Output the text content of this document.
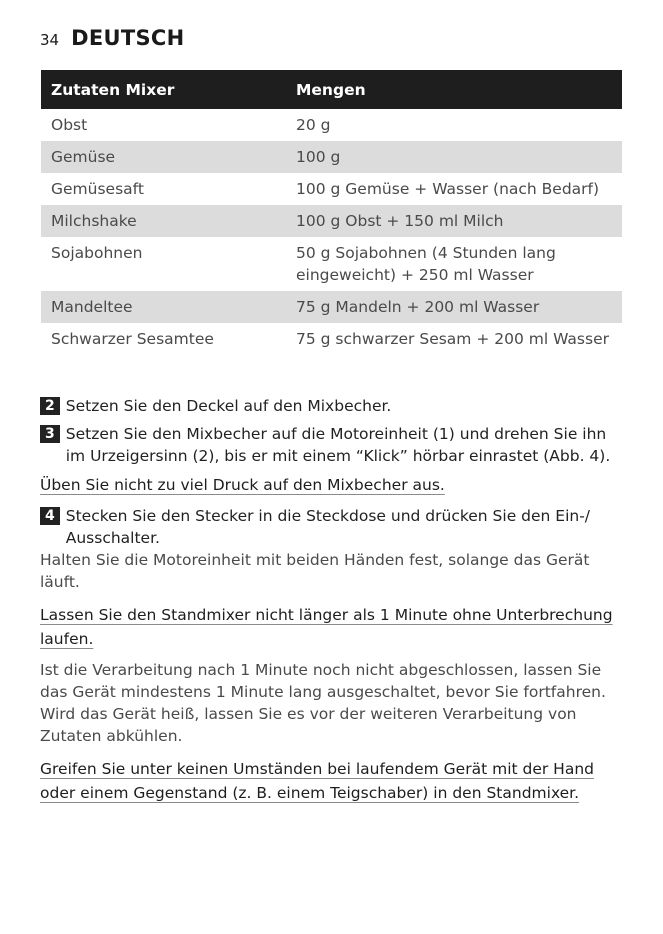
34 DEUTSCH
Zutaten Mixer	Mengen
Obst	20 g
Gemüse	100 g
Gemüsesaft	100 g Gemüse + Wasser (nach Bedarf)
Milchshake	100 g Obst + 150 ml Milch
Sojabohnen	50 g Sojabohnen (4 Stunden lang eingeweicht) + 250 ml Wasser
Mandeltee	75 g Mandeln + 200 ml Wasser
Schwarzer Sesamtee	75 g schwarzer Sesam + 200 ml Wasser
2 Setzen Sie den Deckel auf den Mixbecher.
3 Setzen Sie den Mixbecher auf die Motoreinheit (1) und drehen Sie ihn im Urzeigersinn (2), bis er mit einem “Klick” hörbar einrastet (Abb. 4).
Üben Sie nicht zu viel Druck auf den Mixbecher aus.
4 Stecken Sie den Stecker in die Steckdose und drücken Sie den Ein-/ Ausschalter.
Halten Sie die Motoreinheit mit beiden Händen fest, solange das Gerät läuft.
Lassen Sie den Standmixer nicht länger als 1 Minute ohne Unterbrechung laufen.
Ist die Verarbeitung nach 1 Minute noch nicht abgeschlossen, lassen Sie das Gerät mindestens 1 Minute lang ausgeschaltet, bevor Sie fortfahren. Wird das Gerät heiß, lassen Sie es vor der weiteren Verarbeitung von Zutaten abkühlen.
Greifen Sie unter keinen Umständen bei laufendem Gerät mit der Hand oder einem Gegenstand (z. B. einem Teigschaber) in den Standmixer.
